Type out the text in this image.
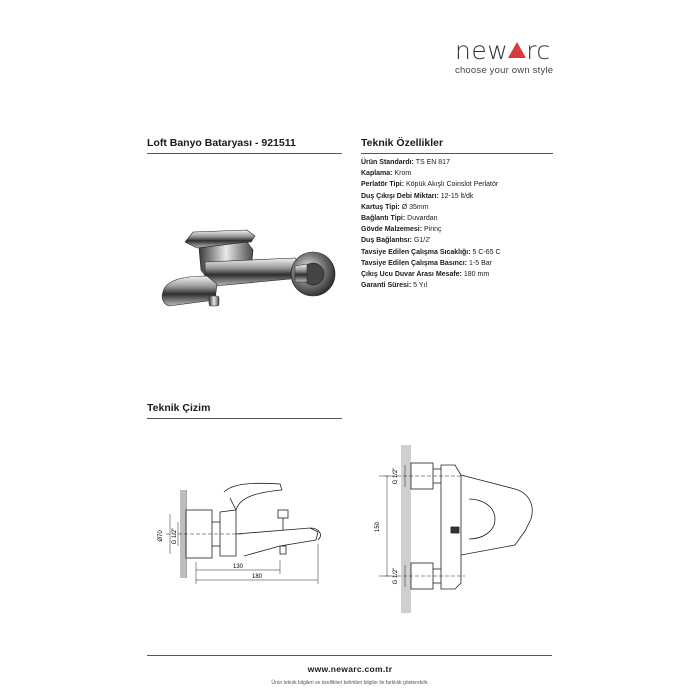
new rc
choose your own style
Loft Banyo Bataryası - 921511	Teknik Özellikler
Ürün Standardı: TS EN 817
Kaplama: Krom
Perlatör Tipi: Köpük Akışlı Coinslot Perlatör
Duş Çıkışı Debi Miktarı: 12-15 lt/dk
Kartuş Tipi: Ø 35mm
Bağlantı Tipi: Duvardan
Gövde Malzemesi: Pirinç
Duş Bağlantısı: G1/2'
Tavsiye Edilen Çalışma Sıcaklığı: 5 C-65 C
Tavsiye Edilen Çalışma Basıncı: 1-5 Bar
Çıkış Ucu Duvar Arası Mesafe: 180 mm
Garanti Süresi: 5 Yıl
Teknik Çizim
Ø70 G 1/2"
130
180
150
G 1/2"
G 1/2"
www.newarc.com.tr
Ürün teknik bilgileri ve özellikleri belirtilen bilgiler ile farklılık gösterebilir.
